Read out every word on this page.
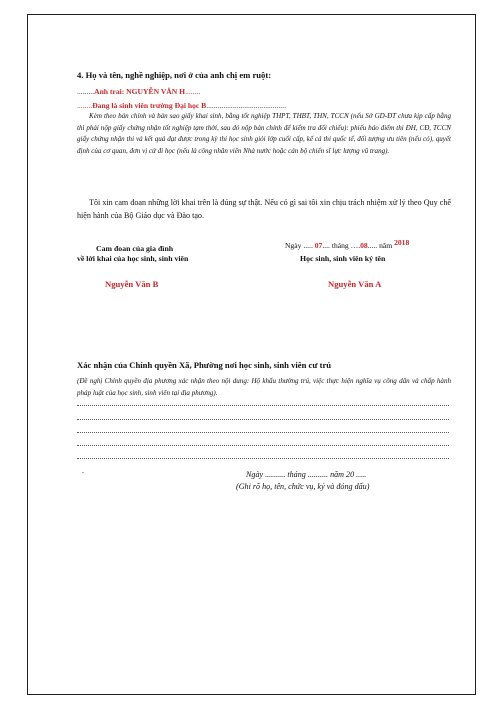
4. Họ và tên, nghề nghiệp, nơi ở của anh chị em ruột:
.........Anh trai: NGUYỄN VĂN H........
........Đang là sinh viên trường Đại học B..........................................
Kèm theo bản chính và bản sao giấy khai sinh, bằng tốt nghiệp THPT, THBT, THN, TCCN (nếu Sở GD-ĐT chưa kịp cấp bằng thì phải nộp giấy chứng nhận tốt nghiệp tạm thời, sau đó nộp bản chính để kiểm tra đối chiếu): phiếu báo điểm thi ĐH, CĐ, TCCN giấy chứng nhận thi và kết quả đạt được trong kỳ thi học sinh giỏi lớp cuối cấp, kể cả thi quốc tế, đối tượng ưu tiên (nếu có), quyết định của cơ quan, đơn vị cử đi học (nếu là công nhân viên Nhà nước hoặc cán bộ chiến sĩ lực lượng vũ trang).
Tôi xin cam đoan những lời khai trên là đúng sự thật. Nếu có gì sai tôi xin chịu trách nhiệm xử lý theo Quy chế hiện hành của Bộ Giáo dục và Đào tạo.
Cam đoan của gia đình
về lời khai của học sinh, sinh viên
Ngày ..... 07.... tháng ….08..... năm 2018
Học sinh, sinh viên ký tên
Nguyễn Văn B	Nguyễn Văn A
Xác nhận của Chính quyền Xã, Phường nơi học sinh, sinh viên cư trú
(Đề nghị Chính quyền địa phương xác nhận theo nội dung: Hộ khẩu thường trú, việc thực hiện nghĩa vụ công dân và chấp hành pháp luật của học sinh, sinh viên tại địa phương).
.	Ngày .......... tháng .......... năm 20 .....
(Ghi rõ họ, tên, chức vụ, ký và đóng dấu)
